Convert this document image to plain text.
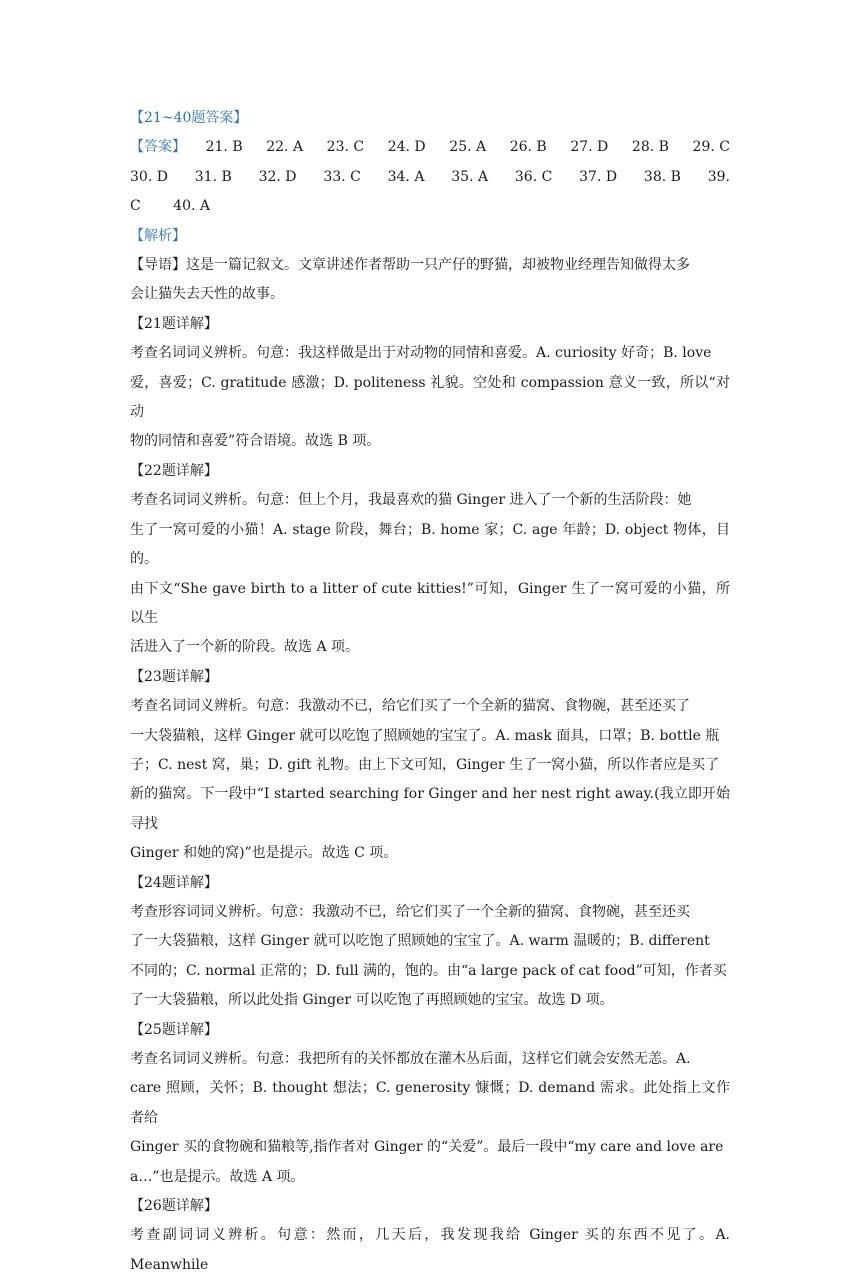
【21~40题答案】
【答案】 21. B 22. A 23. C 24. D 25. A 26. B 27. D 28. B 29. C
30. D 31. B 32. D 33. C 34. A 35. A 36. C 37. D 38. B 39.
C 40. A
【解析】
【导语】这是一篇记叙文。文章讲述作者帮助一只产仔的野猫，却被物业经理告知做得太多
会让猫失去天性的故事。
【21题详解】
考查名词词义辨析。句意：我这样做是出于对动物的同情和喜爱。A. curiosity 好奇；B. love
爱，喜爱；C. gratitude 感激；D. politeness 礼貌。空处和 compassion 意义一致，所以“对动
物的同情和喜爱”符合语境。故选 B 项。
【22题详解】
考查名词词义辨析。句意：但上个月，我最喜欢的猫 Ginger 进入了一个新的生活阶段：她
生了一窝可爱的小猫！A. stage 阶段，舞台；B. home 家；C. age 年龄；D. object 物体，目的。
由下文“She gave birth to a litter of cute kitties!”可知，Ginger 生了一窝可爱的小猫，所以生
活进入了一个新的阶段。故选 A 项。
【23题详解】
考查名词词义辨析。句意：我激动不已，给它们买了一个全新的猫窝、食物碗，甚至还买了
一大袋猫粮，这样 Ginger 就可以吃饱了照顾她的宝宝了。A. mask 面具，口罩；B. bottle 瓶
子；C. nest 窝，巢；D. gift 礼物。由上下文可知，Ginger 生了一窝小猫，所以作者应是买了
新的猫窝。下一段中“I started searching for Ginger and her nest right away.(我立即开始寻找
Ginger 和她的窝)”也是提示。故选 C 项。
【24题详解】
考查形容词词义辨析。句意：我激动不已，给它们买了一个全新的猫窝、食物碗，甚至还买
了一大袋猫粮，这样 Ginger 就可以吃饱了照顾她的宝宝了。A. warm 温暖的；B. different
不同的；C. normal 正常的；D. full 满的，饱的。由“a large pack of cat food”可知，作者买
了一大袋猫粮，所以此处指 Ginger 可以吃饱了再照顾她的宝宝。故选 D 项。
【25题详解】
考查名词词义辨析。句意：我把所有的关怀都放在灌木丛后面，这样它们就会安然无恙。A.
care 照顾，关怀；B. thought 想法；C. generosity 慷慨；D. demand 需求。此处指上文作者给
Ginger 买的食物碗和猫粮等,指作者对 Ginger 的“关爱”。最后一段中“my care and love are
a…”也是提示。故选 A 项。
【26题详解】
考查副词词义辨析。句意：然而，几天后，我发现我给 Ginger 买的东西不见了。A. Meanwhile
